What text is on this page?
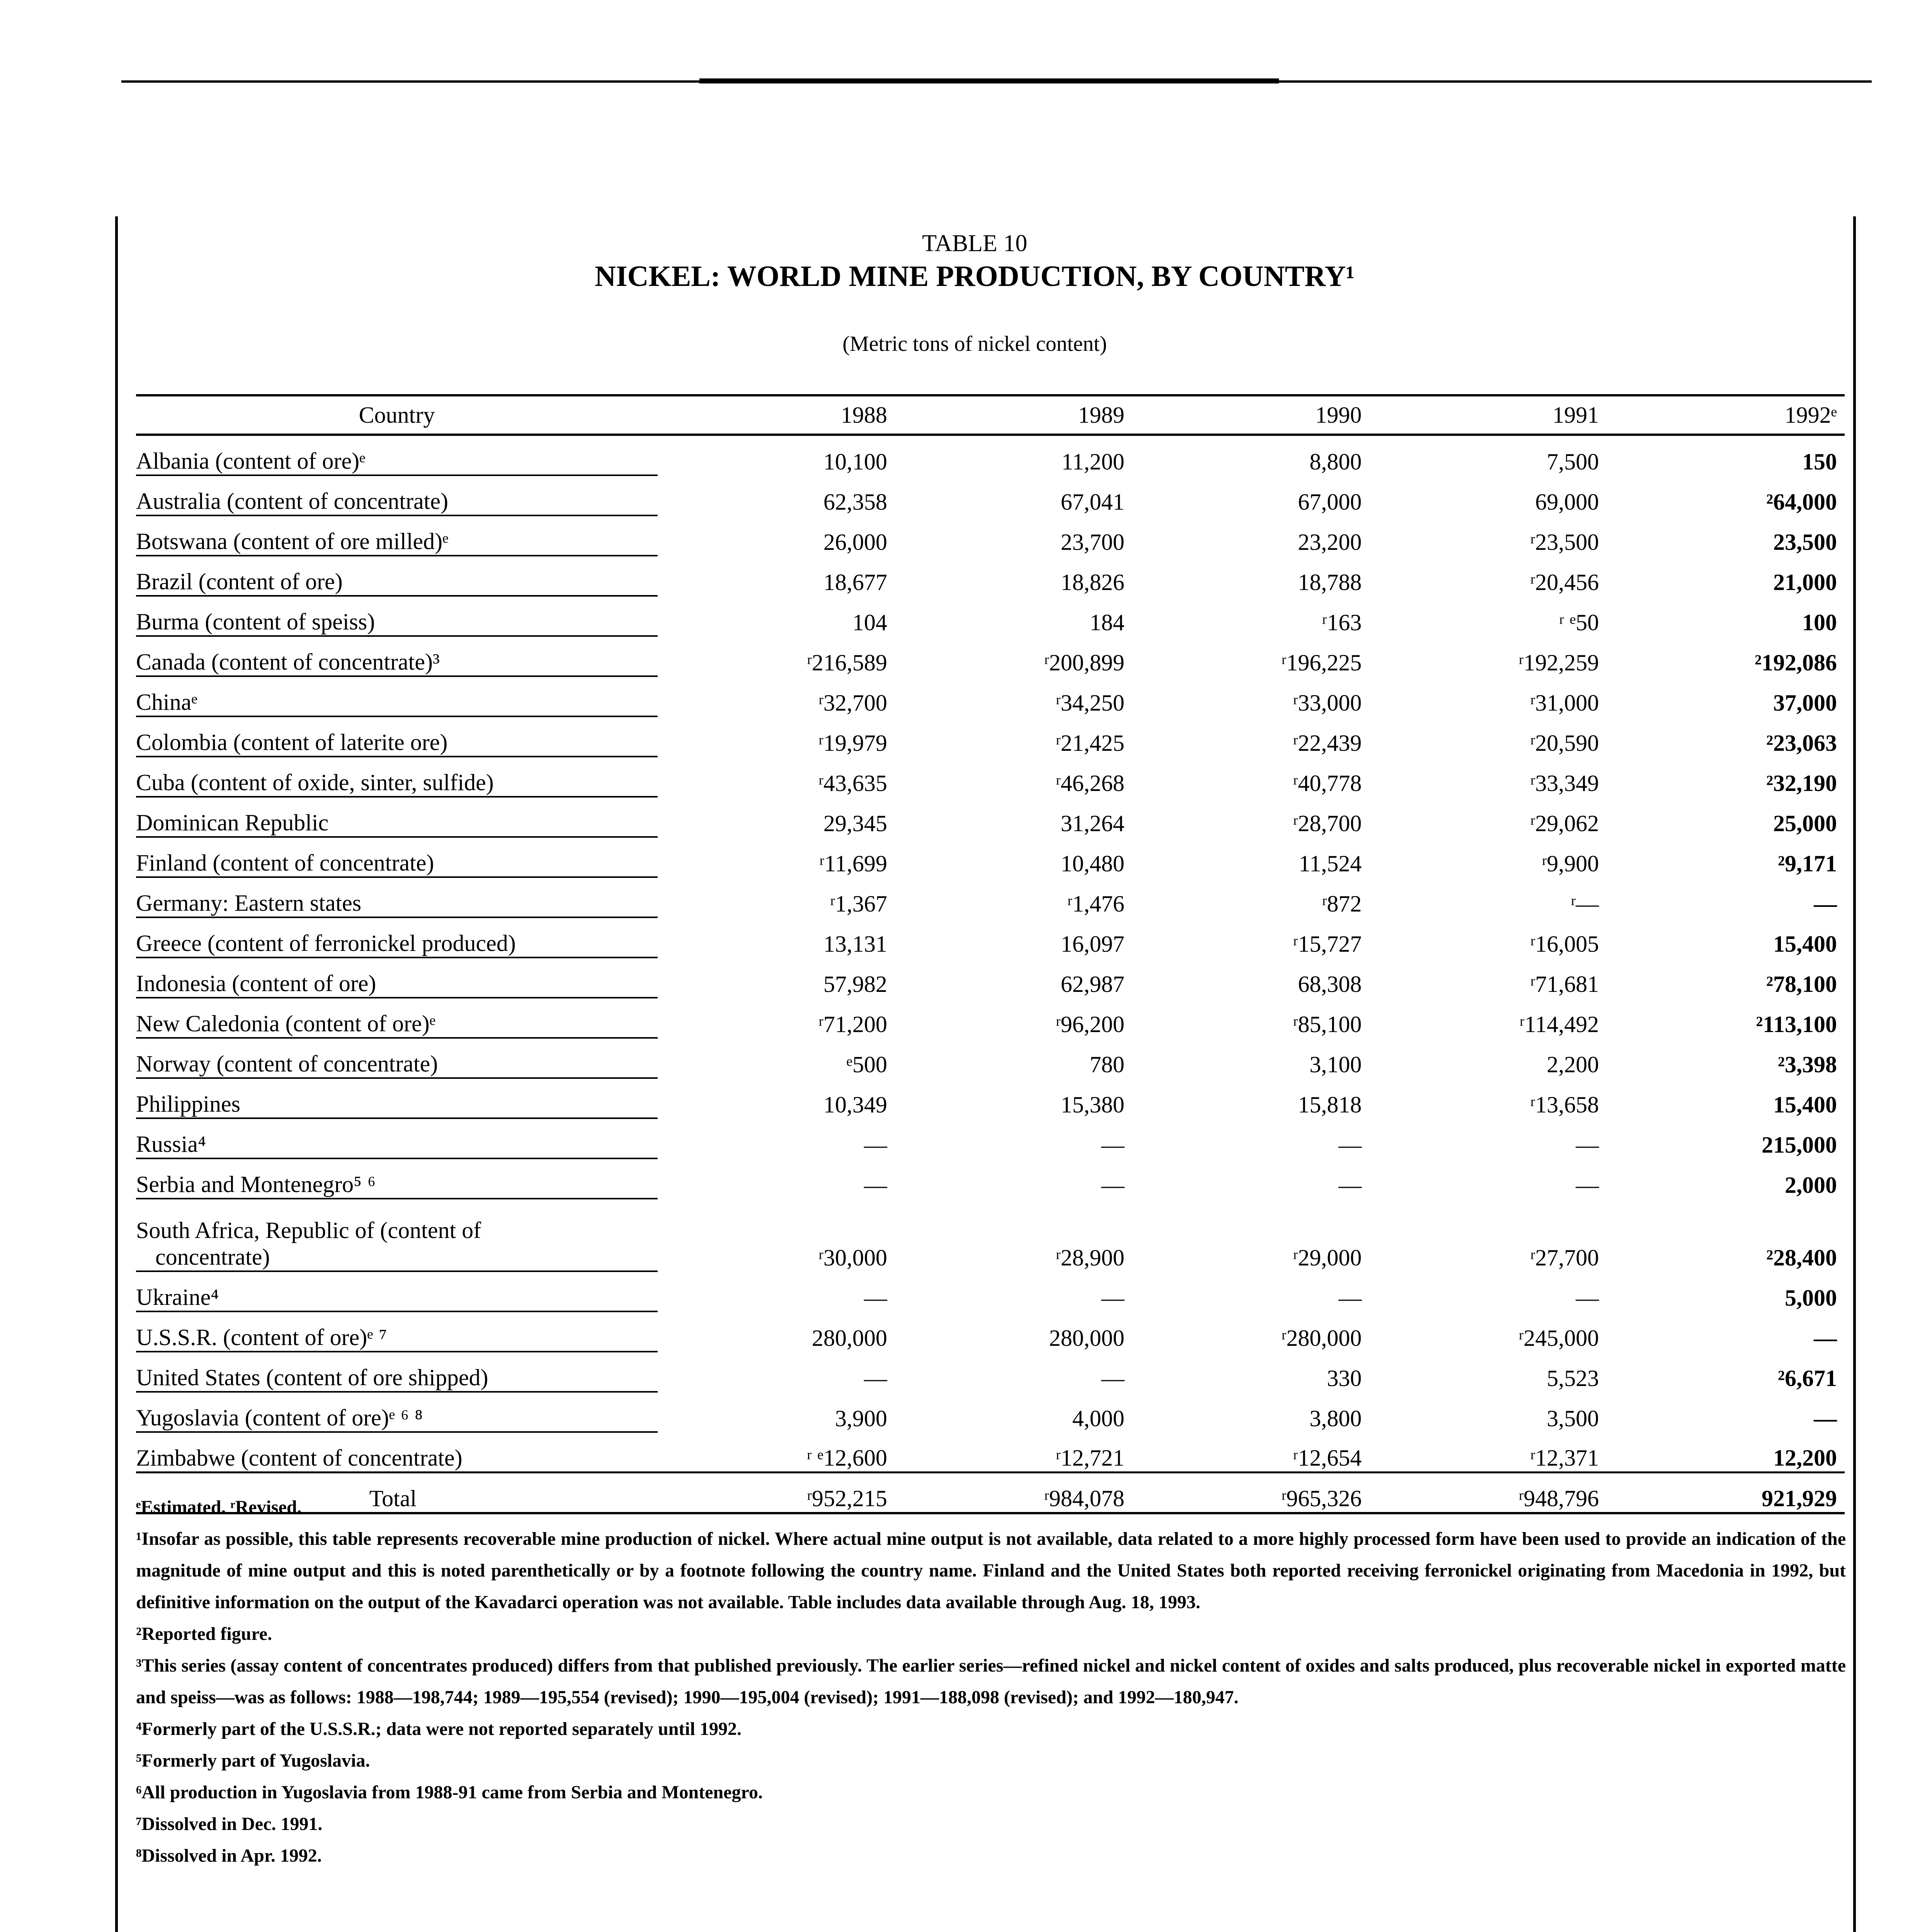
TABLE 10
NICKEL: WORLD MINE PRODUCTION, BY COUNTRY¹
(Metric tons of nickel content)
Country	1988	1989	1990	1991	1992ᵉ
Albania (content of ore)ᵉ	10,100	11,200	8,800	7,500	150
Australia (content of concentrate)	62,358	67,041	67,000	69,000	²64,000
Botswana (content of ore milled)ᵉ	26,000	23,700	23,200	ʳ23,500	23,500
Brazil (content of ore)	18,677	18,826	18,788	ʳ20,456	21,000
Burma (content of speiss)	104	184	ʳ163	ʳ ᵉ50	100
Canada (content of concentrate)³	ʳ216,589	ʳ200,899	ʳ196,225	ʳ192,259	²192,086
Chinaᵉ	ʳ32,700	ʳ34,250	ʳ33,000	ʳ31,000	37,000
Colombia (content of laterite ore)	ʳ19,979	ʳ21,425	ʳ22,439	ʳ20,590	²23,063
Cuba (content of oxide, sinter, sulfide)	ʳ43,635	ʳ46,268	ʳ40,778	ʳ33,349	²32,190
Dominican Republic	29,345	31,264	ʳ28,700	ʳ29,062	25,000
Finland (content of concentrate)	ʳ11,699	10,480	11,524	ʳ9,900	²9,171
Germany: Eastern states	ʳ1,367	ʳ1,476	ʳ872	ʳ—	—
Greece (content of ferronickel produced)	13,131	16,097	ʳ15,727	ʳ16,005	15,400
Indonesia (content of ore)	57,982	62,987	68,308	ʳ71,681	²78,100
New Caledonia (content of ore)ᵉ	ʳ71,200	ʳ96,200	ʳ85,100	ʳ114,492	²113,100
Norway (content of concentrate)	ᵉ500	780	3,100	2,200	²3,398
Philippines	10,349	15,380	15,818	ʳ13,658	15,400
Russia⁴	—	—	—	—	215,000
Serbia and Montenegro⁵ ⁶	—	—	—	—	2,000
South Africa, Republic of (content of
concentrate)	ʳ30,000	ʳ28,900	ʳ29,000	ʳ27,700	²28,400
Ukraine⁴	—	—	—	—	5,000
U.S.S.R. (content of ore)ᵉ ⁷	280,000	280,000	ʳ280,000	ʳ245,000	—
United States (content of ore shipped)	—	—	330	5,523	²6,671
Yugoslavia (content of ore)ᵉ ⁶ ⁸	3,900	4,000	3,800	3,500	—
Zimbabwe (content of concentrate)	ʳ ᵉ12,600	ʳ12,721	ʳ12,654	ʳ12,371	12,200
Total	ʳ952,215	ʳ984,078	ʳ965,326	ʳ948,796	921,929

ᵉEstimated. ʳRevised.

¹Insofar as possible, this table represents recoverable mine production of nickel. Where actual mine output is not available, data related to a more highly processed form have been used to provide an indication of the magnitude of mine output and this is noted parenthetically or by a footnote following the country name. Finland and the United States both reported receiving ferronickel originating from Macedonia in 1992, but definitive information on the output of the Kavadarci operation was not available. Table includes data available through Aug. 18, 1993.

²Reported figure.

³This series (assay content of concentrates produced) differs from that published previously. The earlier series—refined nickel and nickel content of oxides and salts produced, plus recoverable nickel in exported matte and speiss—was as follows: 1988—198,744; 1989—195,554 (revised); 1990—195,004 (revised); 1991—188,098 (revised); and 1992—180,947.

⁴Formerly part of the U.S.S.R.; data were not reported separately until 1992.

⁵Formerly part of Yugoslavia.

⁶All production in Yugoslavia from 1988-91 came from Serbia and Montenegro.

⁷Dissolved in Dec. 1991.

⁸Dissolved in Apr. 1992.
